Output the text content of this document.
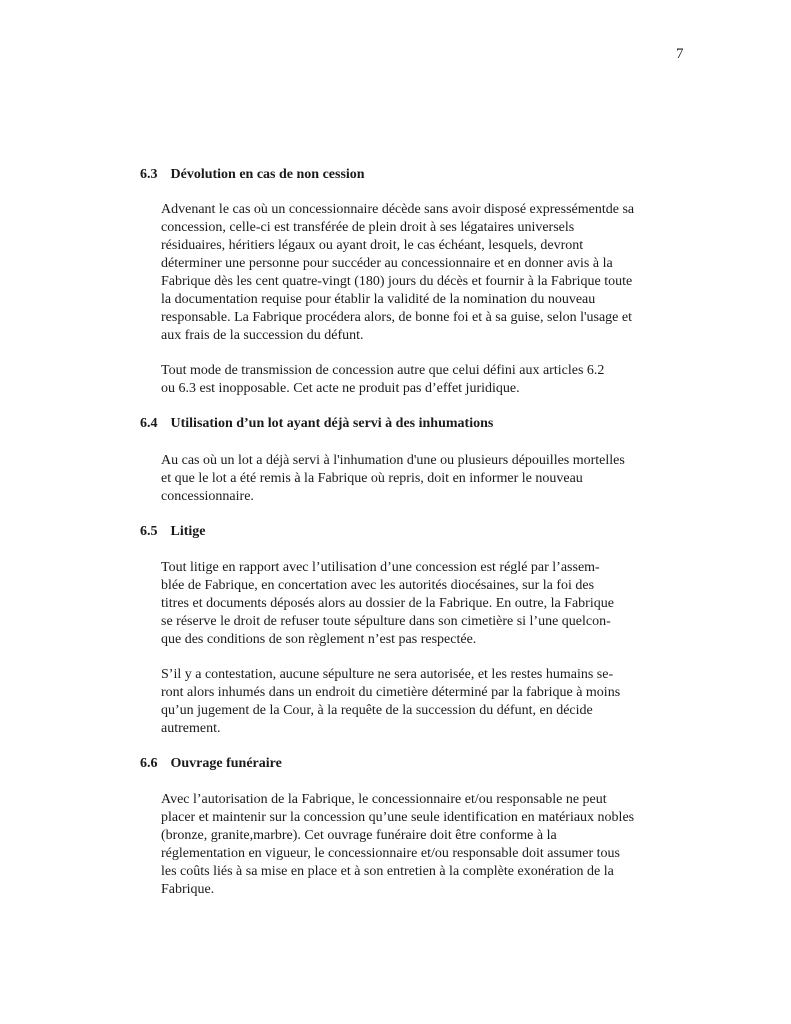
7
6.3 Dévolution en cas de non cession
Advenant le cas où un concessionnaire décède sans avoir disposé expressémentde sa
concession, celle-ci est transférée de plein droit à ses légataires universels
résiduaires, héritiers légaux ou ayant droit, le cas échéant, lesquels, devront
déterminer une personne pour succéder au concessionnaire et en donner avis à la
Fabrique dès les cent quatre-vingt (180) jours du décès et fournir à la Fabrique toute
la documentation requise pour établir la validité de la nomination du nouveau
responsable. La Fabrique procédera alors, de bonne foi et à sa guise, selon l'usage et
aux frais de la succession du défunt.
Tout mode de transmission de concession autre que celui défini aux articles 6.2
ou 6.3 est inopposable. Cet acte ne produit pas d’effet juridique.
6.4 Utilisation d’un lot ayant déjà servi à des inhumations
Au cas où un lot a déjà servi à l'inhumation d'une ou plusieurs dépouilles mortelles
et que le lot a été remis à la Fabrique où repris, doit en informer le nouveau
concessionnaire.
6.5 Litige
Tout litige en rapport avec l’utilisation d’une concession est réglé par l’assem-
blée de Fabrique, en concertation avec les autorités diocésaines, sur la foi des
titres et documents déposés alors au dossier de la Fabrique. En outre, la Fabrique
se réserve le droit de refuser toute sépulture dans son cimetière si l’une quelcon-
que des conditions de son règlement n’est pas respectée.
S’il y a contestation, aucune sépulture ne sera autorisée, et les restes humains se-
ront alors inhumés dans un endroit du cimetière déterminé par la fabrique à moins
qu’un jugement de la Cour, à la requête de la succession du défunt, en décide
autrement.
6.6 Ouvrage funéraire
Avec l’autorisation de la Fabrique, le concessionnaire et/ou responsable ne peut
placer et maintenir sur la concession qu’une seule identification en matériaux nobles
(bronze, granite,marbre). Cet ouvrage funéraire doit être conforme à la
réglementation en vigueur, le concessionnaire et/ou responsable doit assumer tous
les coûts liés à sa mise en place et à son entretien à la complète exonération de la
Fabrique.
